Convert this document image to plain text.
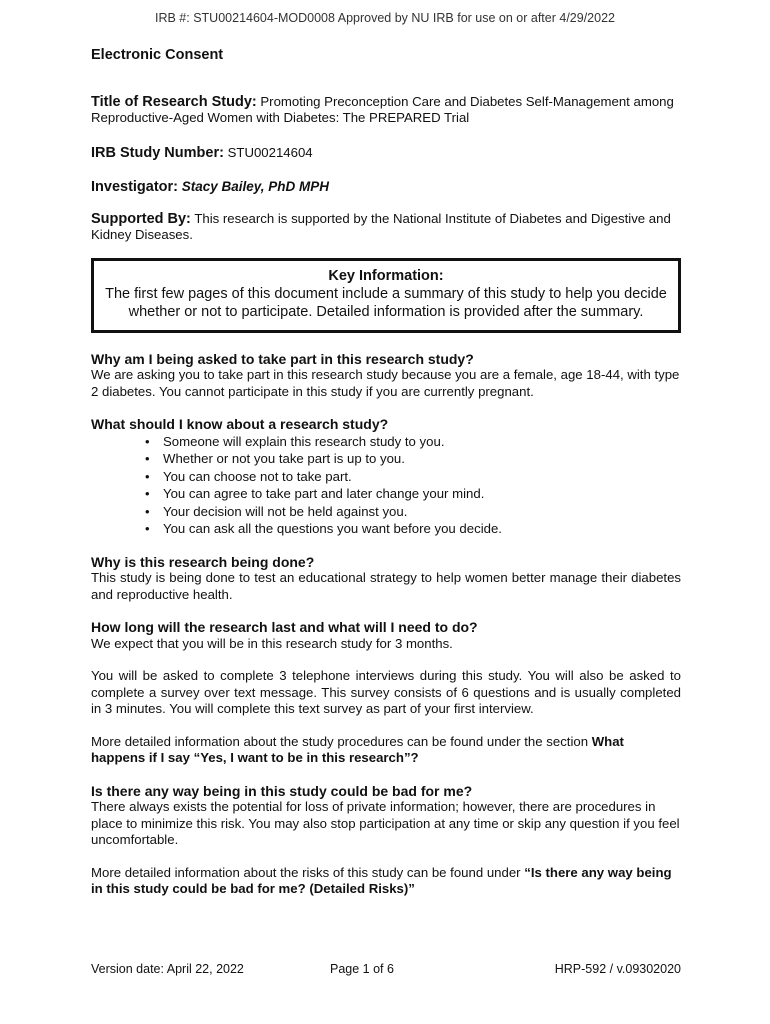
IRB #: STU00214604-MOD0008 Approved by NU IRB for use on or after 4/29/2022

Electronic Consent

Title of Research Study: Promoting Preconception Care and Diabetes Self-Management among Reproductive-Aged Women with Diabetes: The PREPARED Trial

IRB Study Number: STU00214604

Investigator: Stacy Bailey, PhD MPH

Supported By: This research is supported by the National Institute of Diabetes and Digestive and Kidney Diseases.

Key Information:
The first few pages of this document include a summary of this study to help you decide whether or not to participate. Detailed information is provided after the summary.

Why am I being asked to take part in this research study?

We are asking you to take part in this research study because you are a female, age 18-44, with type 2 diabetes. You cannot participate in this study if you are currently pregnant.

What should I know about a research study?

• Someone will explain this research study to you.
• Whether or not you take part is up to you.
• You can choose not to take part.
• You can agree to take part and later change your mind.
• Your decision will not be held against you.
• You can ask all the questions you want before you decide.

Why is this research being done?

This study is being done to test an educational strategy to help women better manage their diabetes and reproductive health.

How long will the research last and what will I need to do?

We expect that you will be in this research study for 3 months.

You will be asked to complete 3 telephone interviews during this study. You will also be asked to complete a survey over text message. This survey consists of 6 questions and is usually completed in 3 minutes. You will complete this text survey as part of your first interview.

More detailed information about the study procedures can be found under the section What happens if I say “Yes, I want to be in this research”?

Is there any way being in this study could be bad for me?

There always exists the potential for loss of private information; however, there are procedures in place to minimize this risk. You may also stop participation at any time or skip any question if you feel uncomfortable.

More detailed information about the risks of this study can be found under “Is there any way being in this study could be bad for me? (Detailed Risks)”

Version date: April 22, 2022	Page 1 of 6	HRP-592 / v.09302020
